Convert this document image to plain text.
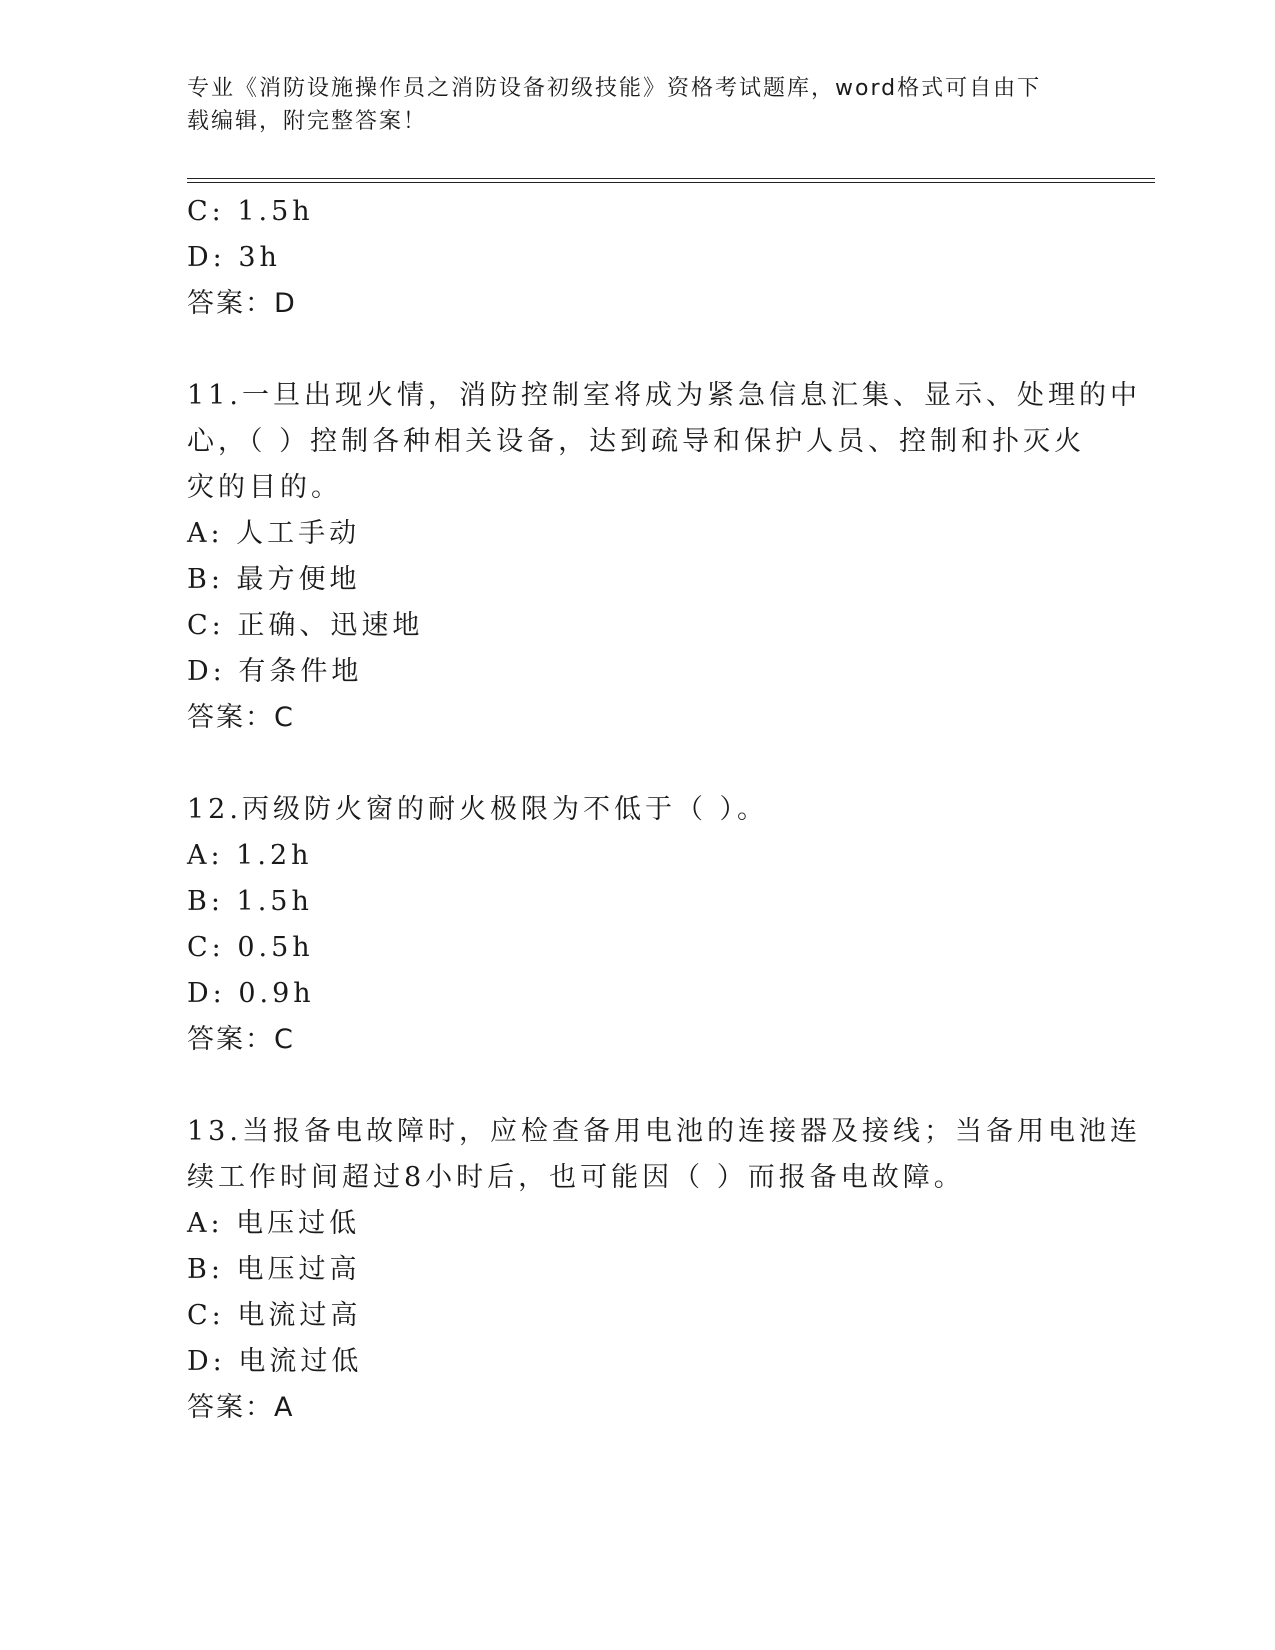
专业《消防设施操作员之消防设备初级技能》资格考试题库，word格式可自由下
载编辑，附完整答案！
C: 1.5h
D: 3h
答案：D
11.一旦出现火情，消防控制室将成为紧急信息汇集、显示、处理的中
心，（ ）控制各种相关设备，达到疏导和保护人员、控制和扑灭火
灾的目的。
A: 人工手动
B: 最方便地
C: 正确、迅速地
D: 有条件地
答案：C
12.丙级防火窗的耐火极限为不低于（ ）。
A: 1.2h
B: 1.5h
C: 0.5h
D: 0.9h
答案：C
13.当报备电故障时，应检查备用电池的连接器及接线；当备用电池连
续工作时间超过8小时后，也可能因（ ）而报备电故障。
A: 电压过低
B: 电压过高
C: 电流过高
D: 电流过低
答案：A
